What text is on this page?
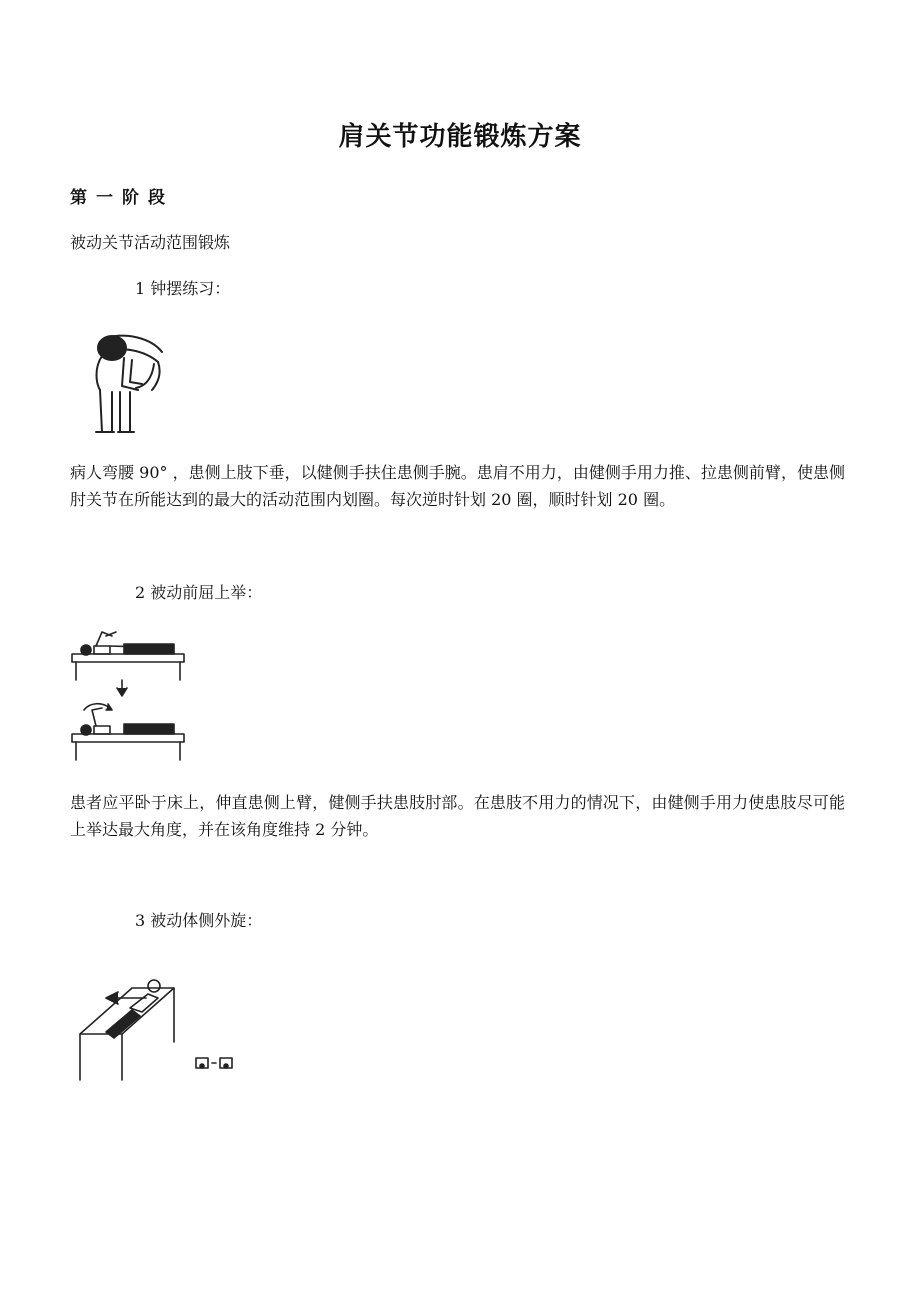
肩关节功能锻炼方案
第 一 阶 段
被动关节活动范围锻炼
1 钟摆练习：
病人弯腰 90° ，患侧上肢下垂，以健侧手扶住患侧手腕。患肩不用力，由健侧手用力推、拉患侧前臂，使患侧肘关节在所能达到的最大的活动范围内划圈。每次逆时针划 20 圈，顺时针划 20 圈。
2 被动前屈上举：
患者应平卧于床上，伸直患侧上臂，健侧手扶患肢肘部。在患肢不用力的情况下，由健侧手用力使患肢尽可能上举达最大角度，并在该角度维持 2 分钟。
3 被动体侧外旋：
